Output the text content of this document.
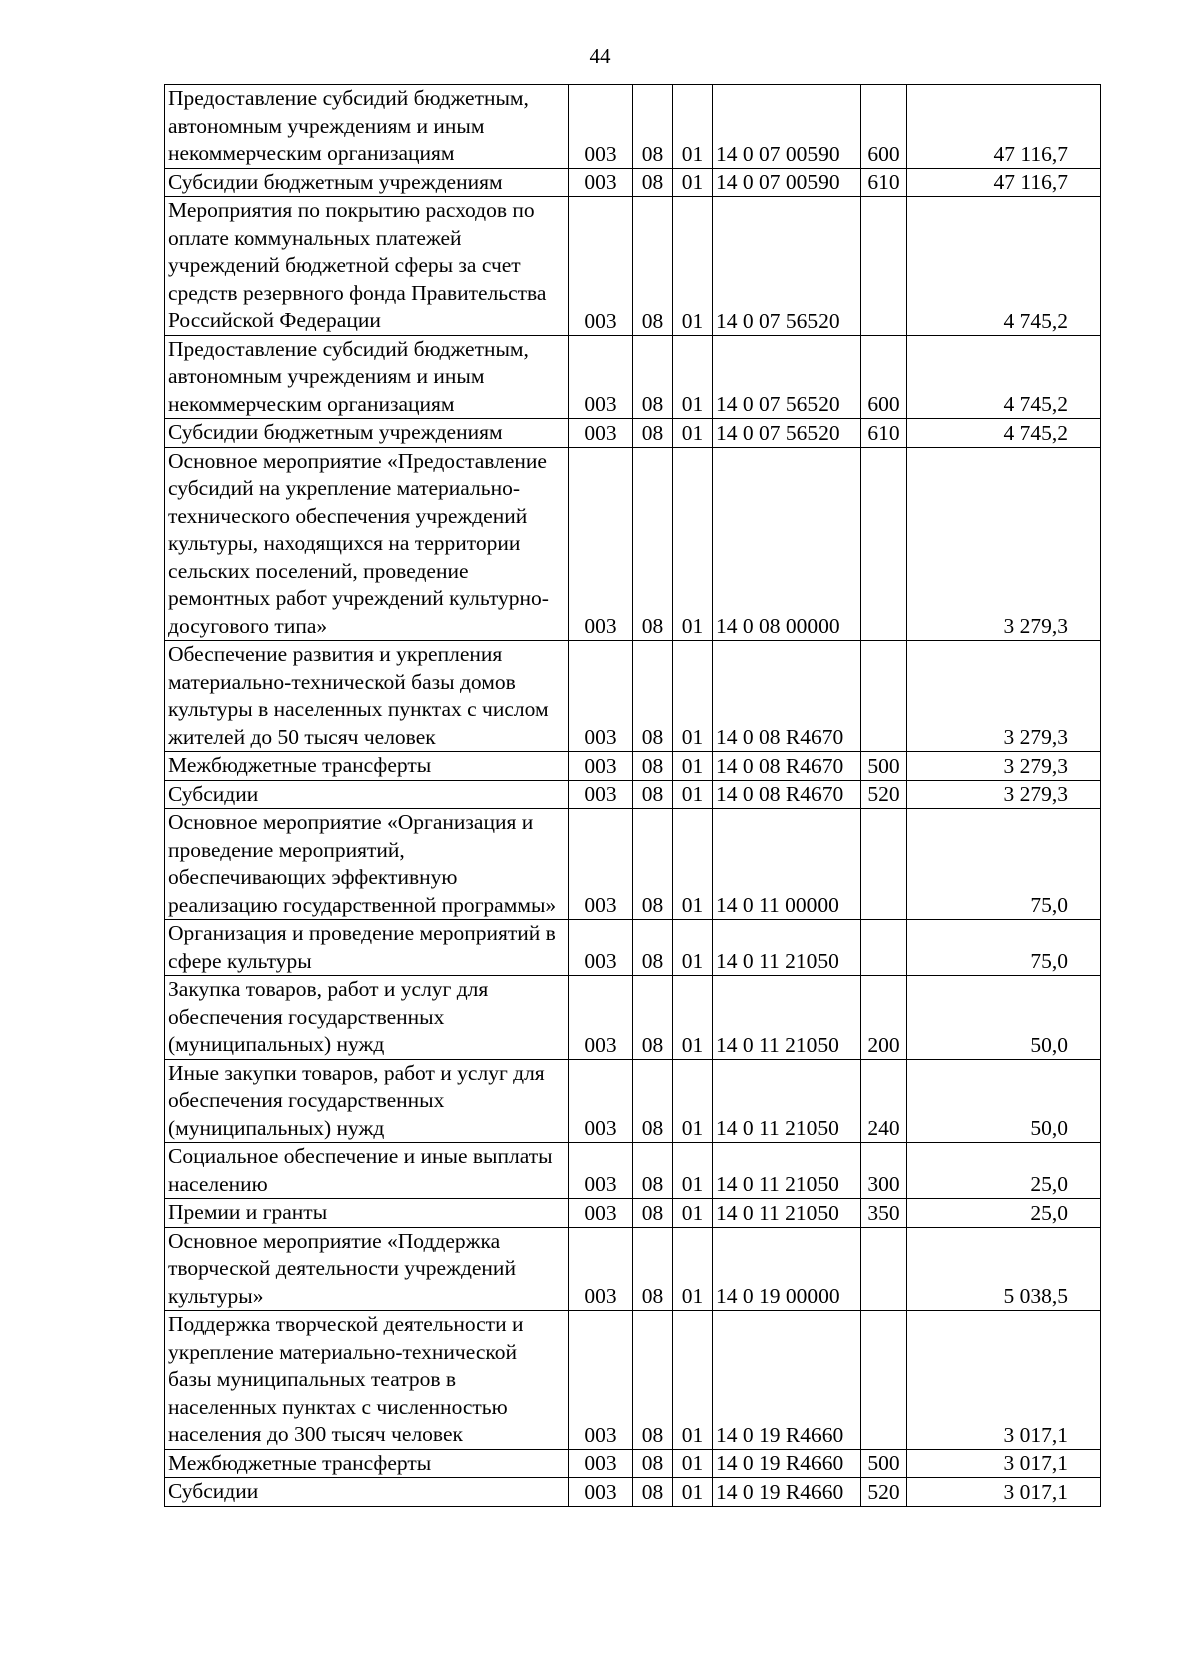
44
Предоставление субсидий бюджетным, автономным учреждениям и иным некоммерческим организациям	003	08	01	14 0 07 00590	600	47 116,7
Субсидии бюджетным учреждениям	003	08	01	14 0 07 00590	610	47 116,7
Мероприятия по покрытию расходов по оплате коммунальных платежей учреждений бюджетной сферы за счет средств резервного фонда Правительства Российской Федерации	003	08	01	14 0 07 56520		4 745,2
Предоставление субсидий бюджетным, автономным учреждениям и иным некоммерческим организациям	003	08	01	14 0 07 56520	600	4 745,2
Субсидии бюджетным учреждениям	003	08	01	14 0 07 56520	610	4 745,2
Основное мероприятие «Предоставление субсидий на укрепление материально-технического обеспечения учреждений культуры, находящихся на территории сельских поселений, проведение ремонтных работ учреждений культурно-досугового типа»	003	08	01	14 0 08 00000		3 279,3
Обеспечение развития и укрепления материально-технической базы домов культуры в населенных пунктах с числом жителей до 50 тысяч человек	003	08	01	14 0 08 R4670		3 279,3
Межбюджетные трансферты	003	08	01	14 0 08 R4670	500	3 279,3
Субсидии	003	08	01	14 0 08 R4670	520	3 279,3
Основное мероприятие «Организация и проведение мероприятий, обеспечивающих эффективную реализацию государственной программы»	003	08	01	14 0 11 00000		75,0
Организация и проведение мероприятий в сфере культуры	003	08	01	14 0 11 21050		75,0
Закупка товаров, работ и услуг для обеспечения государственных (муниципальных) нужд	003	08	01	14 0 11 21050	200	50,0
Иные закупки товаров, работ и услуг для обеспечения государственных (муниципальных) нужд	003	08	01	14 0 11 21050	240	50,0
Социальное обеспечение и иные выплаты населению	003	08	01	14 0 11 21050	300	25,0
Премии и гранты	003	08	01	14 0 11 21050	350	25,0
Основное мероприятие «Поддержка творческой деятельности учреждений культуры»	003	08	01	14 0 19 00000		5 038,5
Поддержка творческой деятельности и укрепление материально-технической базы муниципальных театров в населенных пунктах с численностью населения до 300 тысяч человек	003	08	01	14 0 19 R4660		3 017,1
Межбюджетные трансферты	003	08	01	14 0 19 R4660	500	3 017,1
Субсидии	003	08	01	14 0 19 R4660	520	3 017,1
